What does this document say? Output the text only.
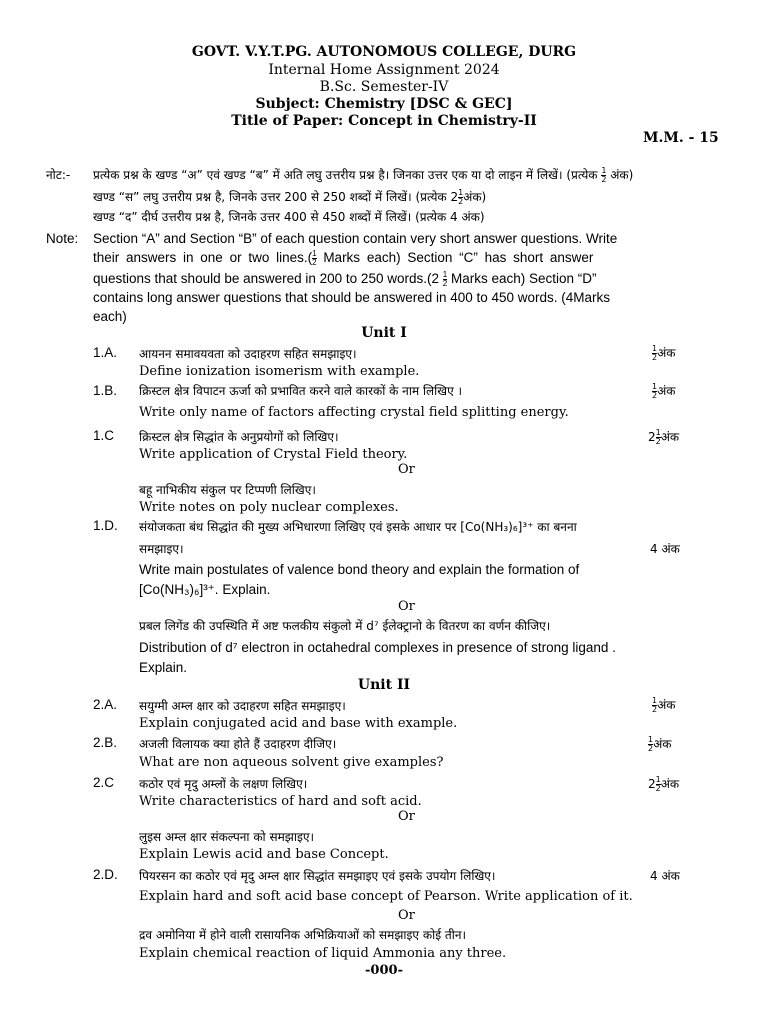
GOVT. V.Y.T.PG. AUTONOMOUS COLLEGE, DURG
Internal Home Assignment 2024
B.Sc. Semester-IV
Subject: Chemistry [DSC & GEC]
Title of Paper: Concept in Chemistry-II
M.M. - 15
नोट:- प्रत्येक प्रश्न के खण्ड “अ” एवं खण्ड “ब” में अति लघु उत्तरीय प्रश्न है। जिनका उत्तर एक या दो लाइन में लिखें। (प्रत्येक $\frac{1}{2}$ अंक)
खण्ड “स” लघु उत्तरीय प्रश्न है, जिनके उत्तर 200 से 250 शब्दों में लिखें। (प्रत्येक $2 \frac{1}{2}$ अंक)
खण्ड “द” दीर्घ उत्तरीय प्रश्न है, जिनके उत्तर 400 से 450 शब्दों में लिखें। (प्रत्येक 4 अंक)
Note: Section “A” and Section “B” of each question contain very short answer questions. Write
their answers in one or two lines.( $\frac{1}{2}$ Marks each) Section “C” has short answer
questions that should be answered in 200 to 250 words.(2 $\frac{1}{2}$ Marks each) Section “D”
contains long answer questions that should be answered in 400 to 450 words. (4Marks
each)
Unit I
1.A. आयनन समावयवता को उदाहरण सहित समझाइए।	$\frac{1}{2}$ अंक
Define ionization isomerism with example.
1.B. क्रिस्टल क्षेत्र विपाटन ऊर्जा को प्रभावित करने वाले कारकों के नाम लिखिए ।	$\frac{1}{2}$ अंक
Write only name of factors affecting crystal field splitting energy.
1.C क्रिस्टल क्षेत्र सिद्धांत के अनुप्रयोगों को लिखिए।	$2 \frac{1}{2}$ अंक
Write application of Crystal Field theory.
Or
बहू नाभिकीय संकुल पर टिप्पणी लिखिए।
Write notes on poly nuclear complexes.
1.D. संयोजकता बंध सिद्धांत की मुख्य अभिधारणा लिखिए एवं इसके आधार पर [Co(NH₃)₆]³⁺ का बनना
समझाइए।	4 अंक
Write main postulates of valence bond theory and explain the formation of
[Co(NH₃)₆]³⁺. Explain.
Or
प्रबल लिगेंड की उपस्थिति में अष्ट फलकीय संकुलो में d⁷ ईलेक्ट्रानो के वितरण का वर्णन कीजिए।
Distribution of d⁷ electron in octahedral complexes in presence of strong ligand .
Explain.
Unit II
2.A. सयुग्मी अम्ल क्षार को उदाहरण सहित समझाइए।	$\frac{1}{2}$ अंक
Explain conjugated acid and base with example.
2.B. अजली विलायक क्या होते हैं उदाहरण दीजिए।	$\frac{1}{2}$ अंक
What are non aqueous solvent give examples?
2.C कठोर एवं मृदु अम्लों के लक्षण लिखिए।	$2 \frac{1}{2}$ अंक
Write characteristics of hard and soft acid.
Or
लुइस अम्ल क्षार संकल्पना को समझाइए।
Explain Lewis acid and base Concept.
2.D. पियरसन का कठोर एवं मृदु अम्ल क्षार सिद्धांत समझाइए एवं इसके उपयोग लिखिए।	4 अंक
Explain hard and soft acid base concept of Pearson. Write application of it.
Or
द्रव अमोनिया में होने वाली रासायनिक अभिक्रियाओं को समझाइए कोई तीन।
Explain chemical reaction of liquid Ammonia any three.
-000-
